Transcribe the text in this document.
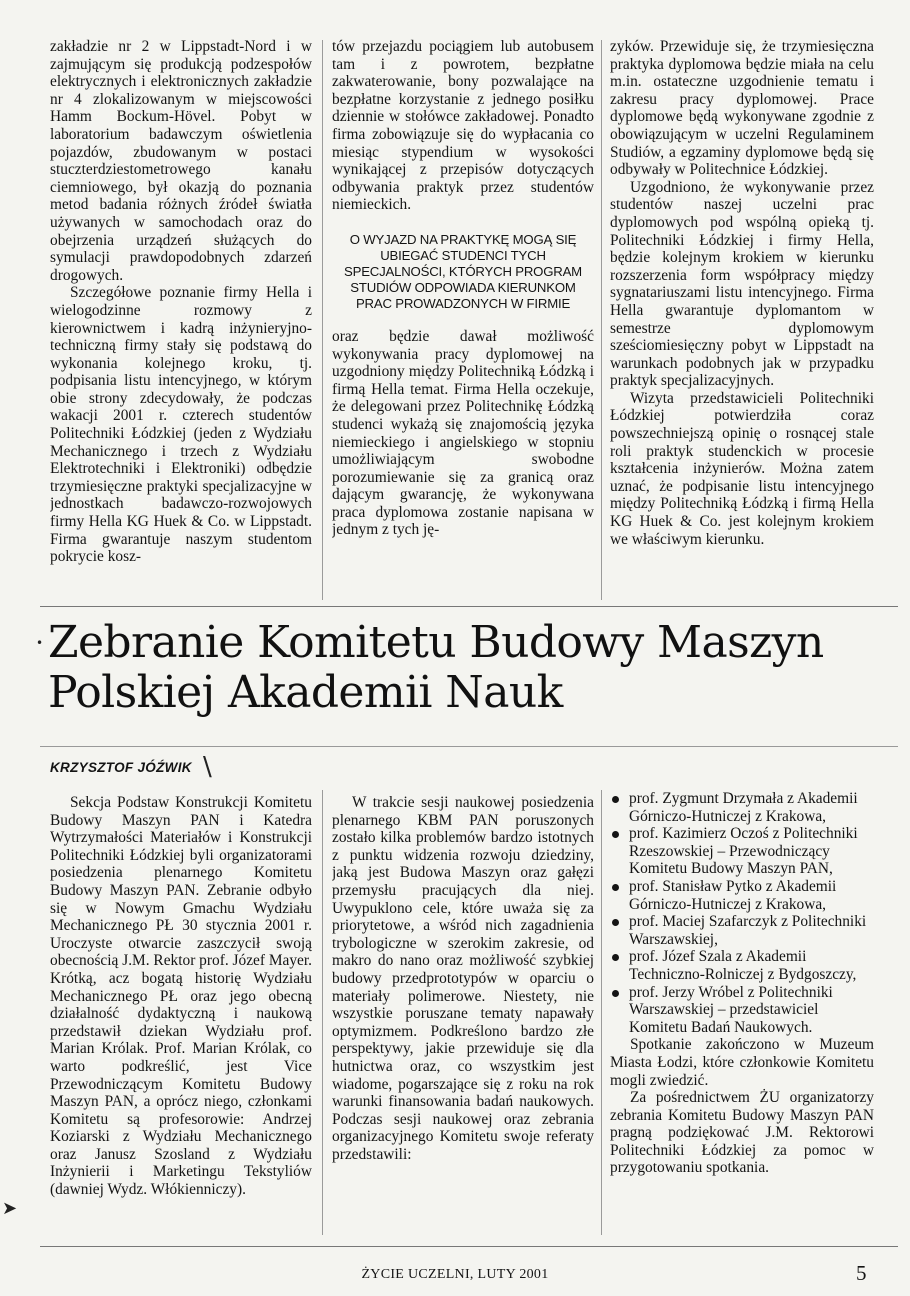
zakładzie nr 2 w Lippstadt-Nord i w zajmującym się produkcją podzespołów elektrycznych i elektronicznych zakładzie nr 4 zlokalizowanym w miejscowości Hamm Bockum-Hövel. Pobyt w laboratorium badawczym oświetlenia pojazdów, zbudowanym w postaci stuczterdziestometrowego kanału ciemniowego, był okazją do poznania metod badania różnych źródeł światła używanych w samochodach oraz do obejrzenia urządzeń służących do symulacji prawdopodobnych zdarzeń drogowych.

Szczegółowe poznanie firmy Hella i wielogodzinne rozmowy z kierownictwem i kadrą inżynieryjno-techniczną firmy stały się podstawą do wykonania kolejnego kroku, tj. podpisania listu intencyjnego, w którym obie strony zdecydowały, że podczas wakacji 2001 r. czterech studentów Politechniki Łódzkiej (jeden z Wydziału Mechanicznego i trzech z Wydziału Elektrotechniki i Elektroniki) odbędzie trzymiesięczne praktyki specjalizacyjne w jednostkach badawczo-rozwojowych firmy Hella KG Huek & Co. w Lippstadt. Firma gwarantuje naszym studentom pokrycie kosz-

tów przejazdu pociągiem lub autobusem tam i z powrotem, bezpłatne zakwaterowanie, bony pozwalające na bezpłatne korzystanie z jednego posiłku dziennie w stołówce zakładowej. Ponadto firma zobowiązuje się do wypłacania co miesiąc stypendium w wysokości wynikającej z przepisów dotyczących odbywania praktyk przez studentów niemieckich.

O WYJAZD NA PRAKTYKĘ MOGĄ SIĘ UBIEGAĆ STUDENCI TYCH SPECJALNOŚCI, KTÓRYCH PROGRAM STUDIÓW ODPOWIADA KIERUNKOM PRAC PROWADZONYCH W FIRMIE

oraz będzie dawał możliwość wykonywania pracy dyplomowej na uzgodniony między Politechniką Łódzką i firmą Hella temat. Firma Hella oczekuje, że delegowani przez Politechnikę Łódzką studenci wykażą się znajomością języka niemieckiego i angielskiego w stopniu umożliwiającym swobodne porozumiewanie się za granicą oraz dającym gwarancję, że wykonywana praca dyplomowa zostanie napisana w jednym z tych ję-

zyków. Przewiduje się, że trzymiesięczna praktyka dyplomowa będzie miała na celu m.in. ostateczne uzgodnienie tematu i zakresu pracy dyplomowej. Prace dyplomowe będą wykonywane zgodnie z obowiązującym w uczelni Regulaminem Studiów, a egzaminy dyplomowe będą się odbywały w Politechnice Łódzkiej.

Uzgodniono, że wykonywanie przez studentów naszej uczelni prac dyplomowych pod wspólną opieką tj. Politechniki Łódzkiej i firmy Hella, będzie kolejnym krokiem w kierunku rozszerzenia form współpracy między sygnatariuszami listu intencyjnego. Firma Hella gwarantuje dyplomantom w semestrze dyplomowym sześciomiesięczny pobyt w Lippstadt na warunkach podobnych jak w przypadku praktyk specjalizacyjnych.

Wizyta przedstawicieli Politechniki Łódzkiej potwierdziła coraz powszechniejszą opinię o rosnącej stale roli praktyk studenckich w procesie kształcenia inżynierów. Można zatem uznać, że podpisanie listu intencyjnego między Politechniką Łódzką i firmą Hella KG Huek & Co. jest kolejnym krokiem we właściwym kierunku.

Zebranie Komitetu Budowy Maszyn
Polskiej Akademii Nauk
KRZYSZTOF JÓŹWIK \

Sekcja Podstaw Konstrukcji Komitetu Budowy Maszyn PAN i Katedra Wytrzymałości Materiałów i Konstrukcji Politechniki Łódzkiej byli organizatorami posiedzenia plenarnego Komitetu Budowy Maszyn PAN. Zebranie odbyło się w Nowym Gmachu Wydziału Mechanicznego PŁ 30 stycznia 2001 r. Uroczyste otwarcie zaszczycił swoją obecnością J.M. Rektor prof. Józef Mayer. Krótką, acz bogatą historię Wydziału Mechanicznego PŁ oraz jego obecną działalność dydaktyczną i naukową przedstawił dziekan Wydziału prof. Marian Królak. Prof. Marian Królak, co warto podkreślić, jest Vice Przewodniczącym Komitetu Budowy Maszyn PAN, a oprócz niego, członkami Komitetu są profesorowie: Andrzej Koziarski z Wydziału Mechanicznego oraz Janusz Szosland z Wydziału Inżynierii i Marketingu Tekstyliów (dawniej Wydz. Włókienniczy).

W trakcie sesji naukowej posiedzenia plenarnego KBM PAN poruszonych zostało kilka problemów bardzo istotnych z punktu widzenia rozwoju dziedziny, jaką jest Budowa Maszyn oraz gałęzi przemysłu pracujących dla niej. Uwypuklono cele, które uważa się za priorytetowe, a wśród nich zagadnienia trybologiczne w szerokim zakresie, od makro do nano oraz możliwość szybkiej budowy przedprototypów w oparciu o materiały polimerowe. Niestety, nie wszystkie poruszane tematy napawały optymizmem. Podkreślono bardzo złe perspektywy, jakie przewiduje się dla hutnictwa oraz, co wszystkim jest wiadome, pogarszające się z roku na rok warunki finansowania badań naukowych. Podczas sesji naukowej oraz zebrania organizacyjnego Komitetu swoje referaty przedstawili:

prof. Zygmunt Drzymała z Akademii Górniczo-Hutniczej z Krakowa,
prof. Kazimierz Oczoś z Politechniki Rzeszowskiej – Przewodniczący Komitetu Budowy Maszyn PAN,
prof. Stanisław Pytko z Akademii Górniczo-Hutniczej z Krakowa,
prof. Maciej Szafarczyk z Politechniki Warszawskiej,
prof. Józef Szala z Akademii Techniczno-Rolniczej z Bydgoszczy,
prof. Jerzy Wróbel z Politechniki Warszawskiej – przedstawiciel Komitetu Badań Naukowych.

Spotkanie zakończono w Muzeum Miasta Łodzi, które członkowie Komitetu mogli zwiedzić.

Za pośrednictwem ŻU organizatorzy zebrania Komitetu Budowy Maszyn PAN pragną podziękować J.M. Rektorowi Politechniki Łódzkiej za pomoc w przygotowaniu spotkania.

ŻYCIE UCZELNI, LUTY 2001	5
•
➤
